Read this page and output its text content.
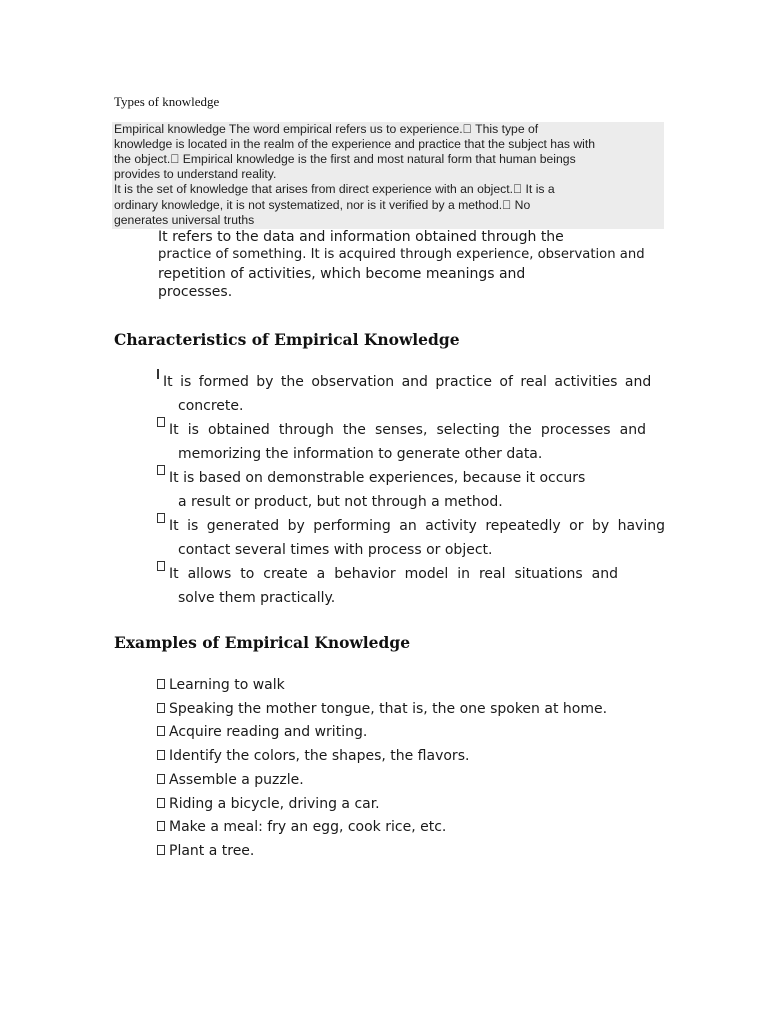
Types of knowledge
Empirical knowledge The word empirical refers us to experience. This type of
knowledge is located in the realm of the experience and practice that the subject has with
the object. Empirical knowledge is the first and most natural form that human beings
provides to understand reality.
It is the set of knowledge that arises from direct experience with an object. It is a
ordinary knowledge, it is not systematized, nor is it verified by a method. No
generates universal truths
It refers to the data and information obtained through the
practice of something. It is acquired through experience, observation and
repetition of activities, which become meanings and
processes.
Characteristics of Empirical Knowledge
It is formed by the observation and practice of real activities and
concrete.
It is obtained through the senses, selecting the processes and
memorizing the information to generate other data.
It is based on demonstrable experiences, because it occurs
a result or product, but not through a method.
It is generated by performing an activity repeatedly or by having
contact several times with process or object.
It allows to create a behavior model in real situations and
solve them practically.
Examples of Empirical Knowledge
Learning to walk
Speaking the mother tongue, that is, the one spoken at home.
Acquire reading and writing.
Identify the colors, the shapes, the flavors.
Assemble a puzzle.
Riding a bicycle, driving a car.
Make a meal: fry an egg, cook rice, etc.
Plant a tree.
